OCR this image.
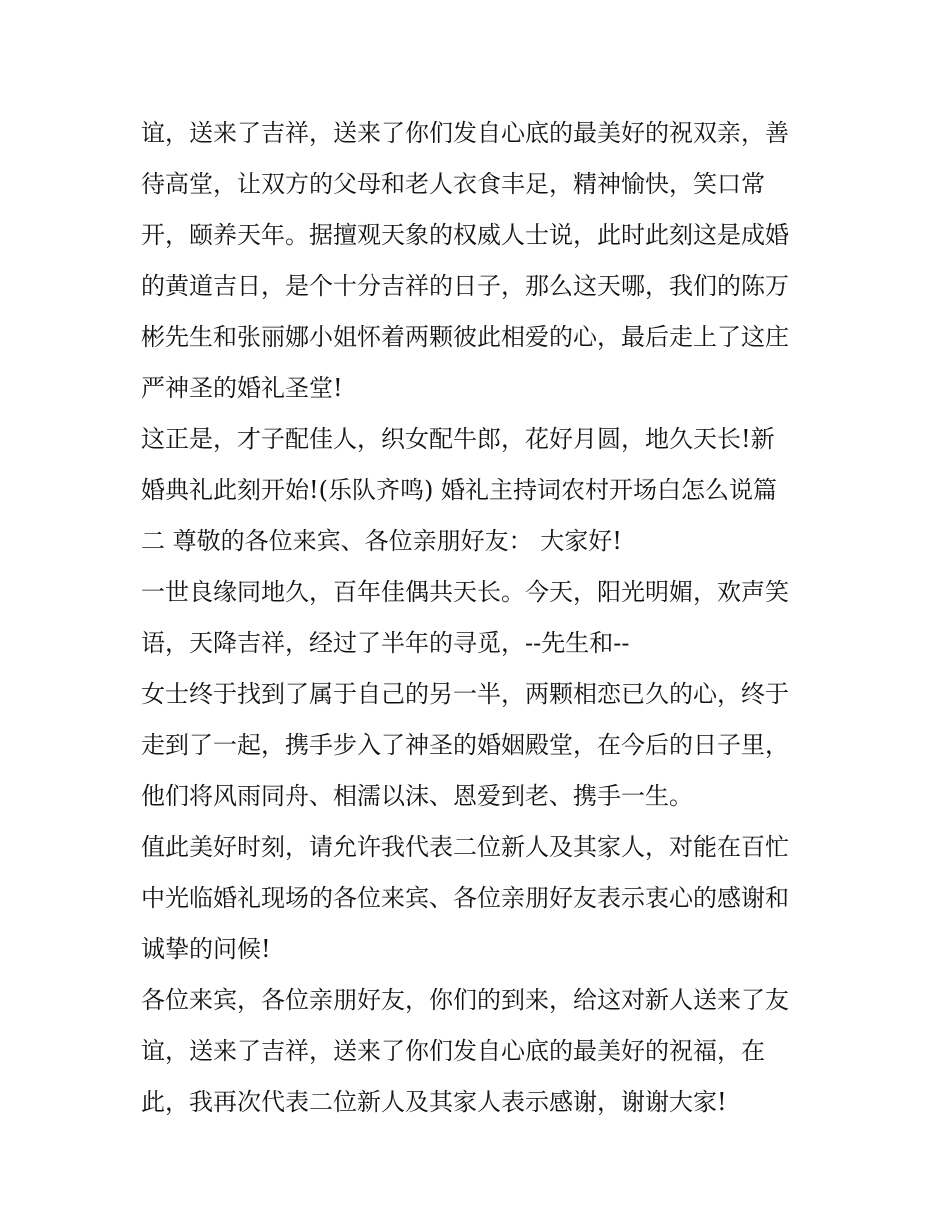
谊，送来了吉祥，送来了你们发自心底的最美好的祝双亲，善
待高堂，让双方的父母和老人衣食丰足，精神愉快，笑口常
开，颐养天年。据擅观天象的权威人士说，此时此刻这是成婚
的黄道吉日，是个十分吉祥的日子，那么这天哪，我们的陈万
彬先生和张丽娜小姐怀着两颗彼此相爱的心，最后走上了这庄
严神圣的婚礼圣堂!
这正是，才子配佳人，织女配牛郎，花好月圆，地久天长!新
婚典礼此刻开始!(乐队齐鸣) 婚礼主持词农村开场白怎么说篇
二 尊敬的各位来宾、各位亲朋好友： 大家好!
一世良缘同地久，百年佳偶共天长。今天，阳光明媚，欢声笑
语，天降吉祥，经过了半年的寻觅，--先生和--
女士终于找到了属于自己的另一半，两颗相恋已久的心，终于
走到了一起，携手步入了神圣的婚姻殿堂，在今后的日子里，
他们将风雨同舟、相濡以沫、恩爱到老、携手一生。
值此美好时刻，请允许我代表二位新人及其家人，对能在百忙
中光临婚礼现场的各位来宾、各位亲朋好友表示衷心的感谢和
诚挚的问候!
各位来宾，各位亲朋好友，你们的到来，给这对新人送来了友
谊，送来了吉祥，送来了你们发自心底的最美好的祝福，在
此，我再次代表二位新人及其家人表示感谢，谢谢大家!
